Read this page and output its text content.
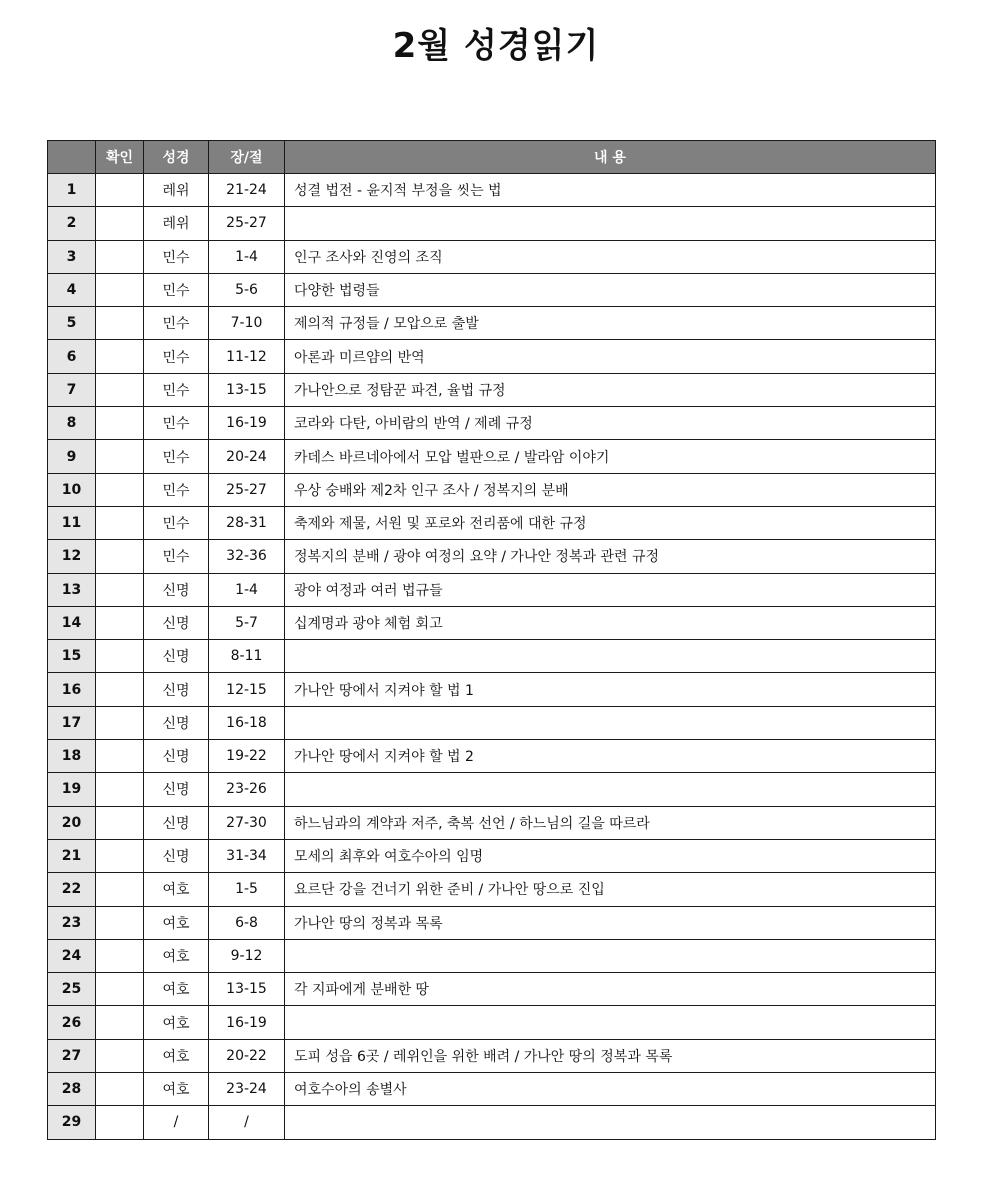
2월 성경읽기
	확인	성경	장/절	내 용
1		레위	21-24	성결 법전 - 윤지적 부정을 씻는 법
2		레위	25-27	
3		민수	1-4	인구 조사와 진영의 조직
4		민수	5-6	다양한 법령들
5		민수	7-10	제의적 규정들 / 모압으로 출발
6		민수	11-12	아론과 미르얌의 반역
7		민수	13-15	가나안으로 정탐꾼 파견, 율법 규정
8		민수	16-19	코라와 다탄, 아비람의 반역 / 제례 규정
9		민수	20-24	카데스 바르네아에서 모압 벌판으로 / 발라암 이야기
10		민수	25-27	우상 숭배와 제2차 인구 조사 / 정복지의 분배
11		민수	28-31	축제와 제물, 서원 및 포로와 전리품에 대한 규정
12		민수	32-36	정복지의 분배 / 광야 여정의 요약 / 가나안 정복과 관련 규정
13		신명	1-4	광야 여정과 여러 법규들
14		신명	5-7	십계명과 광야 체험 회고
15		신명	8-11	
16		신명	12-15	가나안 땅에서 지켜야 할 법 1
17		신명	16-18	
18		신명	19-22	가나안 땅에서 지켜야 할 법 2
19		신명	23-26	
20		신명	27-30	하느님과의 계약과 저주, 축복 선언 / 하느님의 길을 따르라
21		신명	31-34	모세의 최후와 여호수아의 임명
22		여호	1-5	요르단 강을 건너기 위한 준비 / 가나안 땅으로 진입
23		여호	6-8	가나안 땅의 정복과 목록
24		여호	9-12	
25		여호	13-15	각 지파에게 분배한 땅
26		여호	16-19	
27		여호	20-22	도피 성읍 6곳 / 레위인을 위한 배려 / 가나안 땅의 정복과 목록
28		여호	23-24	여호수아의 송별사
29		/	/	
